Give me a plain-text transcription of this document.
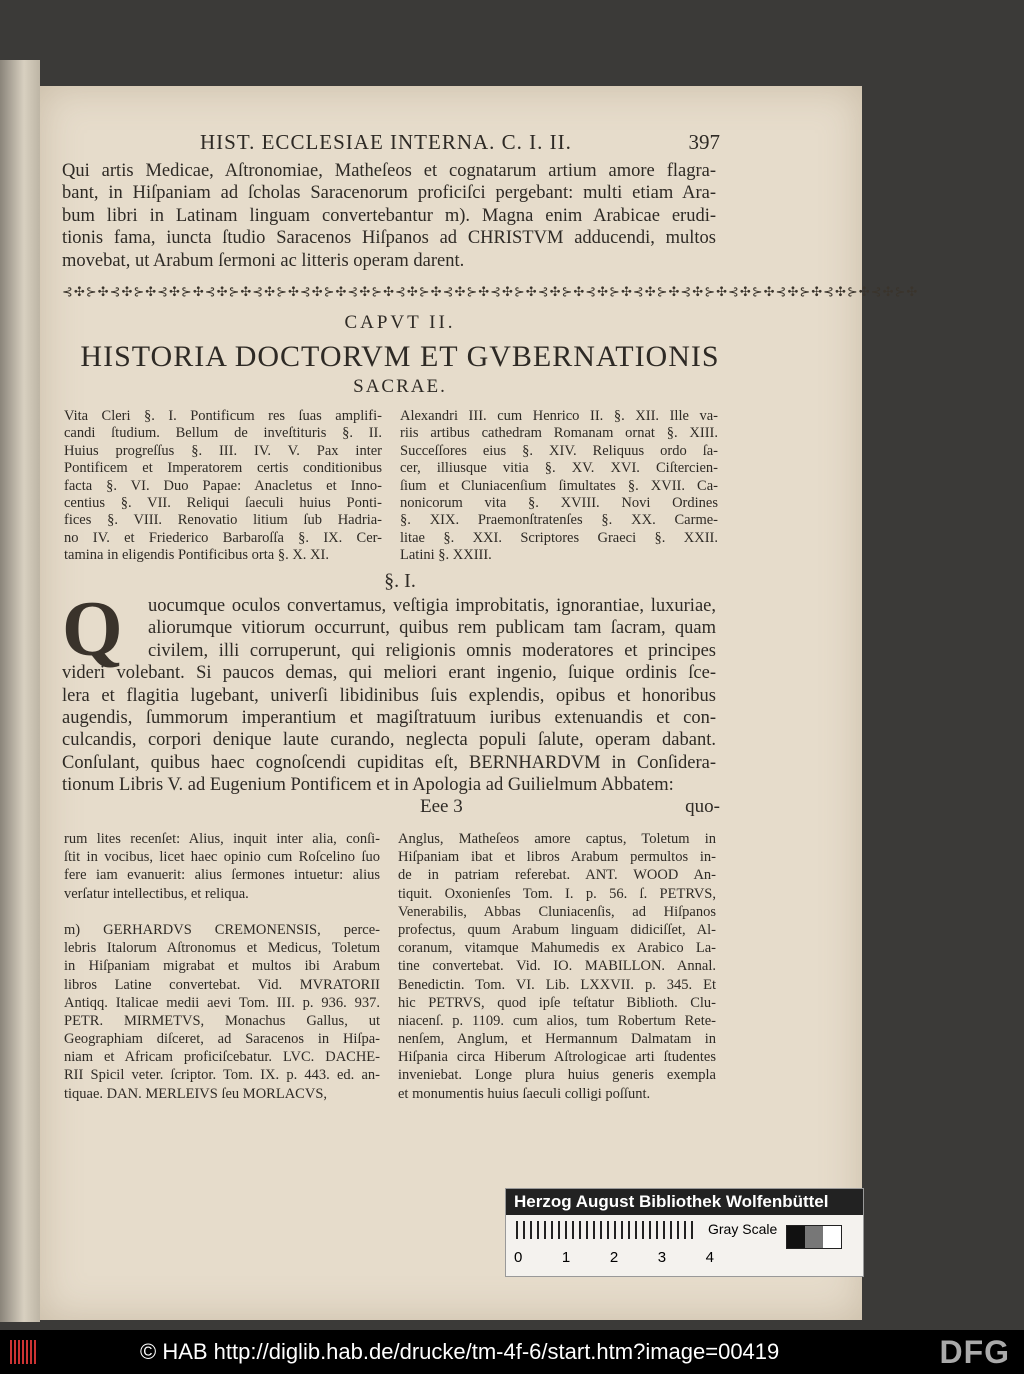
HIST. ECCLESIAE INTERNA. C. I. II.	397
Qui artis Medicae, Aſtronomiae, Matheſeos et cognatarum artium amore flagra-
bant, in Hiſpaniam ad ſcholas Saracenorum proficiſci pergebant: multi etiam Ara-
bum libri in Latinam linguam convertebantur m). Magna enim Arabicae erudi-
tionis fama, iuncta ſtudio Saracenos Hiſpanos ad CHRISTVM adducendi, multos
movebat, ut Arabum ſermoni ac litteris operam darent.
⊰✣⊱✣⊰✣⊱✣⊰✣⊱✣⊰✣⊱✣⊰✣⊱✣⊰✣⊱✣⊰✣⊱✣⊰✣⊱✣⊰✣⊱✣⊰✣⊱✣⊰✣⊱✣⊰✣⊱✣⊰✣⊱✣⊰✣⊱✣⊰✣⊱✣⊰✣⊱✣⊰✣⊱✣⊰✣⊱✣
CAPVT II.
HISTORIA DOCTORVM ET GVBERNATIONIS
SACRAE.
Vita Cleri §. I. Pontificum res ſuas amplifi-
candi ſtudium. Bellum de inveſtituris §. II.
Huius progreſſus §. III. IV. V. Pax inter
Pontificem et Imperatorem certis conditionibus
facta §. VI. Duo Papae: Anacletus et Inno-
centius §. VII. Reliqui ſaeculi huius Ponti-
fices §. VIII. Renovatio litium ſub Hadria-
no IV. et Friederico Barbaroſſa §. IX. Cer-
tamina in eligendis Pontificibus orta §. X. XI.
Alexandri III. cum Henrico II. §. XII. Ille va-
riis artibus cathedram Romanam ornat §. XIII.
Succeſſores eius §. XIV. Reliquus ordo ſa-
cer, illiusque vitia §. XV. XVI. Ciſtercien-
ſium et Cluniacenſium ſimultates §. XVII. Ca-
nonicorum vita §. XVIII. Novi Ordines
§. XIX. Praemonſtratenſes §. XX. Carme-
litae §. XXI. Scriptores Graeci §. XXII.
Latini §. XXIII.
§. I.
Q uocumque oculos convertamus, veſtigia improbitatis, ignorantiae, luxuriae,
aliorumque vitiorum occurrunt, quibus rem publicam tam ſacram, quam
civilem, illi corruperunt, qui religionis omnis moderatores et principes
videri volebant. Si paucos demas, qui meliori erant ingenio, ſuique ordinis ſce-
lera et flagitia lugebant, univerſi libidinibus ſuis explendis, opibus et honoribus
augendis, ſummorum imperantium et magiſtratuum iuribus extenuandis et con-
culcandis, corpori denique laute curando, neglecta populi ſalute, operam dabant.
Conſulant, quibus haec cognoſcendi cupiditas eſt, BERNHARDVM in Conſidera-
tionum Libris V. ad Eugenium Pontificem et in Apologia ad Guilielmum Abbatem:
Eee 3	quo-
rum lites recenſet: Alius, inquit inter alia, conſi-
ſtit in vocibus, licet haec opinio cum Roſcelino ſuo
fere iam evanuerit: alius ſermones intuetur: alius
verſatur intellectibus, et reliqua.

m) GERHARDVS CREMONENSIS, perce-
lebris Italorum Aſtronomus et Medicus, Toletum
in Hiſpaniam migrabat et multos ibi Arabum
libros Latine convertebat. Vid. MVRATORII
Antiqq. Italicae medii aevi Tom. III. p. 936. 937.
PETR. MIRMETVS, Monachus Gallus, ut
Geographiam diſceret, ad Saracenos in Hiſpa-
niam et Africam proficiſcebatur. LVC. DACHE-
RII Spicil veter. ſcriptor. Tom. IX. p. 443. ed. an-
tiquae. DAN. MERLEIVS ſeu MORLACVS,
Anglus, Matheſeos amore captus, Toletum in
Hiſpaniam ibat et libros Arabum permultos in-
de in patriam referebat. ANT. WOOD An-
tiquit. Oxonienſes Tom. I. p. 56. ſ. PETRVS,
Venerabilis, Abbas Cluniacenſis, ad Hiſpanos
profectus, quum Arabum linguam didiciſſet, Al-
coranum, vitamque Mahumedis ex Arabico La-
tine convertebat. Vid. IO. MABILLON. Annal.
Benedictin. Tom. VI. Lib. LXXVII. p. 345. Et
hic PETRVS, quod ipſe teſtatur Biblioth. Clu-
niacenſ. p. 1109. cum alios, tum Robertum Rete-
nenſem, Anglum, et Hermannum Dalmatam in
Hiſpania circa Hiberum Aſtrologicae arti ſtudentes
inveniebat. Longe plura huius generis exempla
et monumentis huius ſaeculi colligi poſſunt.
Herzog August Bibliothek Wolfenbüttel
Gray Scale
0	1	2	3	4
© HAB http://diglib.hab.de/drucke/tm-4f-6/start.htm?image=00419	DFG
